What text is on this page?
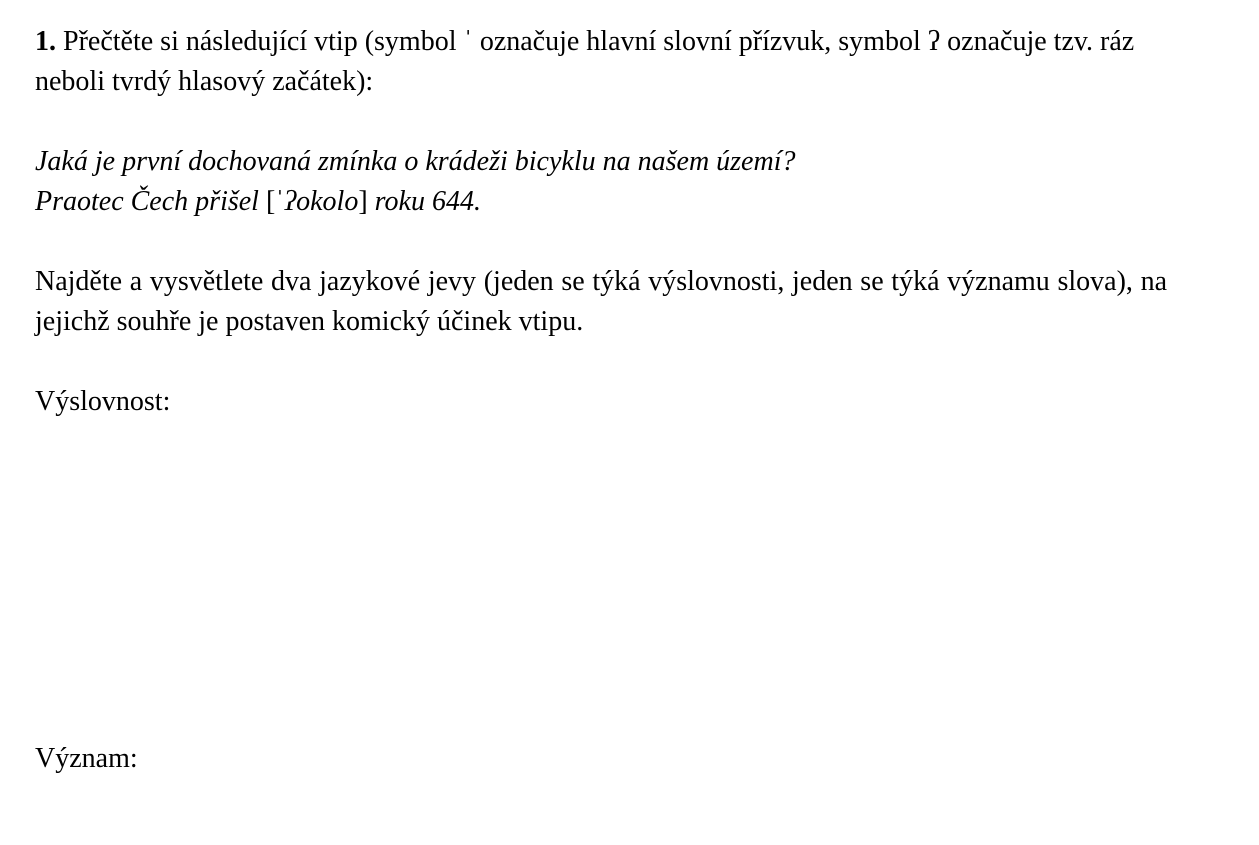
1. Přečtěte si následující vtip (symbol ˈ označuje hlavní slovní přízvuk, symbol ʔ označuje tzv. ráz neboli tvrdý hlasový začátek):

Jaká je první dochovaná zmínka o krádeži bicyklu na našem území?
Praotec Čech přišel [ˈʔokolo] roku 644.

Najděte a vysvětlete dva jazykové jevy (jeden se týká výslovnosti, jeden se týká významu slova), na jejichž souhře je postaven komický účinek vtipu.

Výslovnost:

Význam:
